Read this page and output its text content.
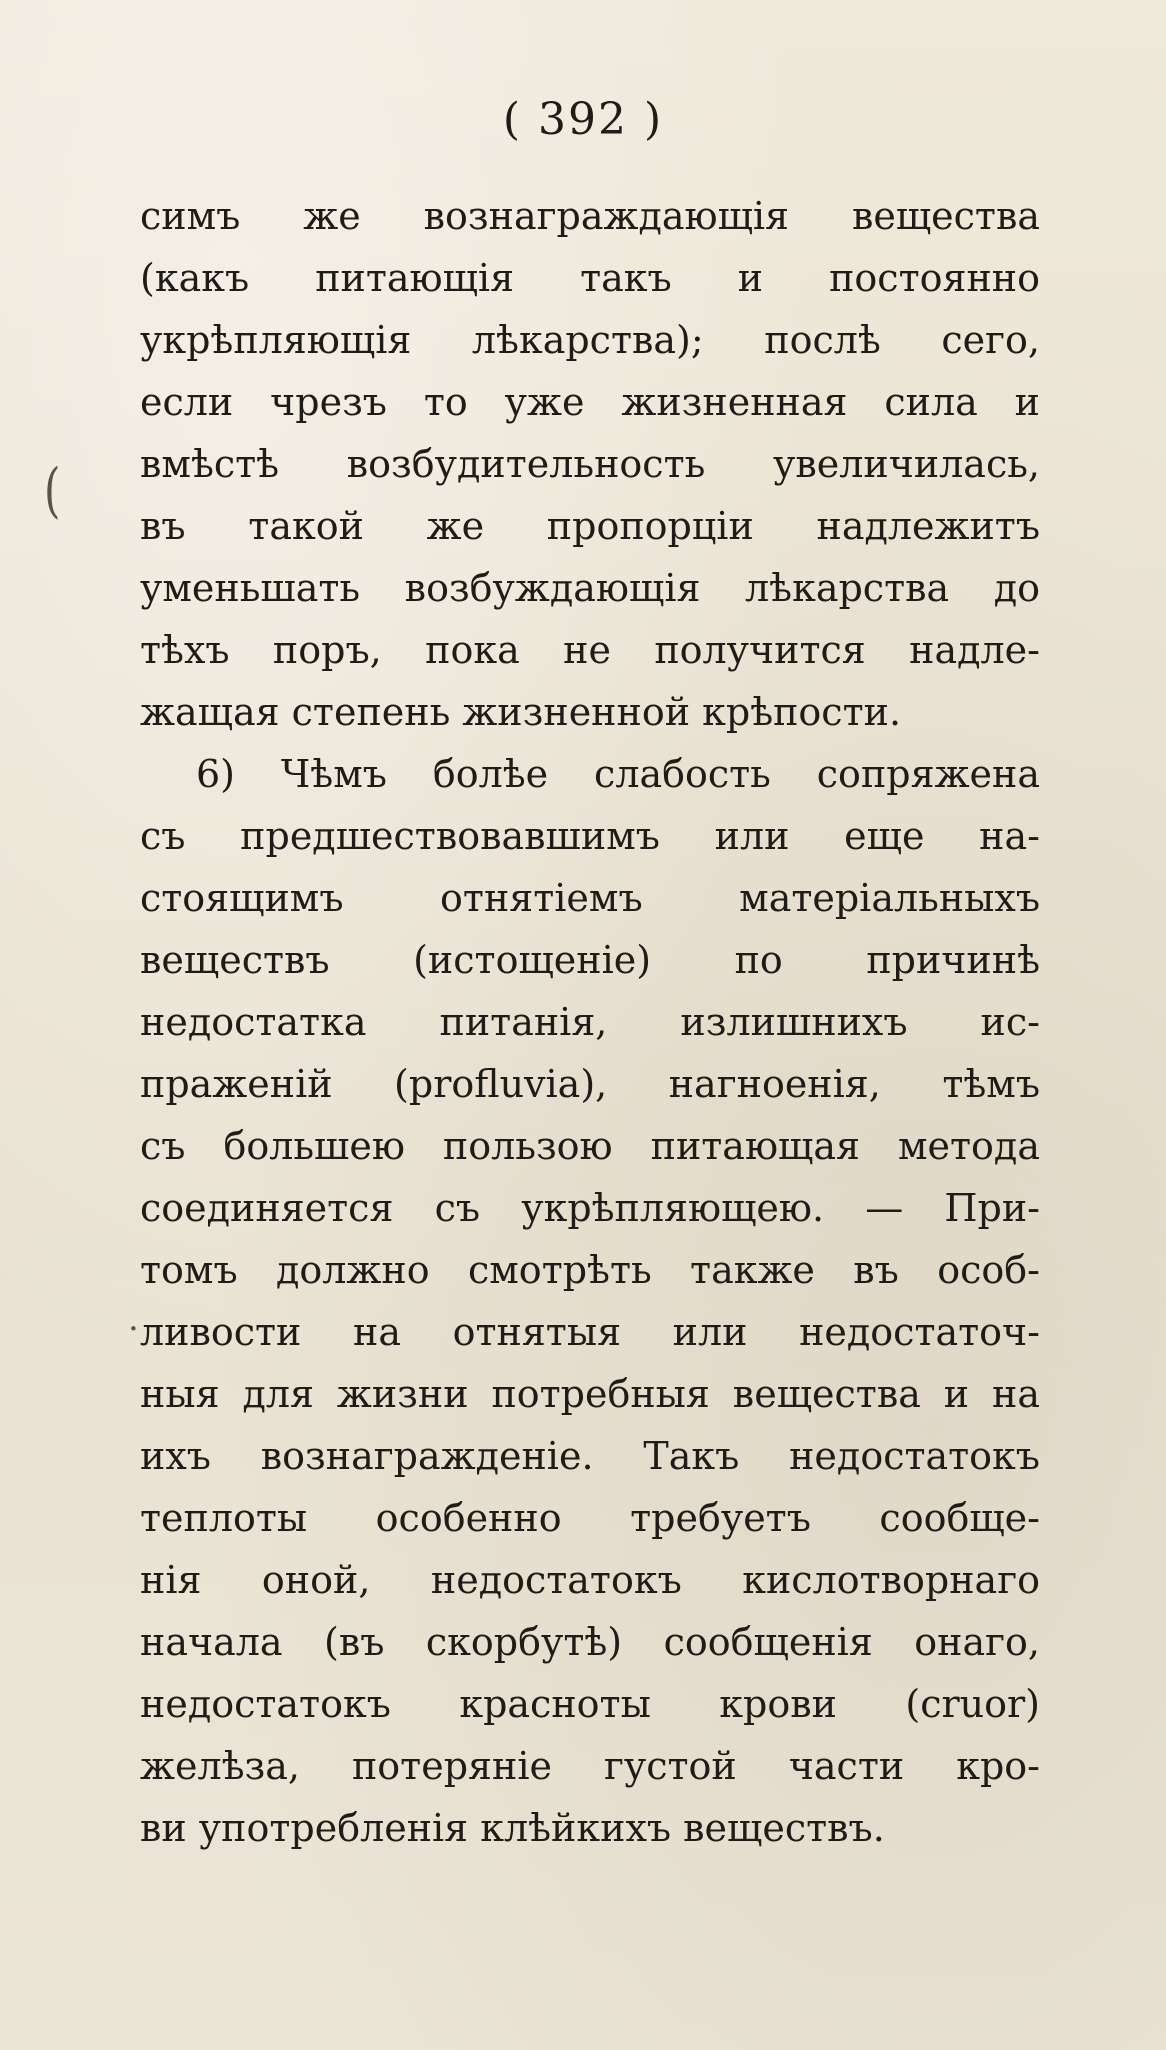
( 392 )
(
.
симъ же вознаграждающія вещества
(какъ питающія такъ и постоянно
укрѣпляющія лѣкарства); послѣ сего,
если чрезъ то уже жизненная сила и
вмѣстѣ возбудительность увеличилась,
въ такой же пропорціи надлежитъ
уменьшать возбуждающія лѣкарства до
тѣхъ поръ, пока не получится надле-
жащая степень жизненной крѣпости.
6) Чѣмъ болѣе слабость сопряжена
съ предшествовавшимъ или еще на-
стоящимъ отнятіемъ матеріальныхъ
веществъ (истощеніе) по причинѣ
недостатка питанія, излишнихъ ис-
праженій (profluvia), нагноенія, тѣмъ
съ большею пользою питающая метода
соединяется съ укрѣпляющею. — При-
томъ должно смотрѣть также въ особ-
ливости на отнятыя или недостаточ-
ныя для жизни потребныя вещества и на
ихъ вознагражденіе. Такъ недостатокъ
теплоты особенно требуетъ сообще-
нія оной, недостатокъ кислотворнаго
начала (въ скорбутѣ) сообщенія онаго,
недостатокъ красноты крови (cruor)
желѣза, потеряніе густой части кро-
ви употребленія клѣйкихъ веществъ.
